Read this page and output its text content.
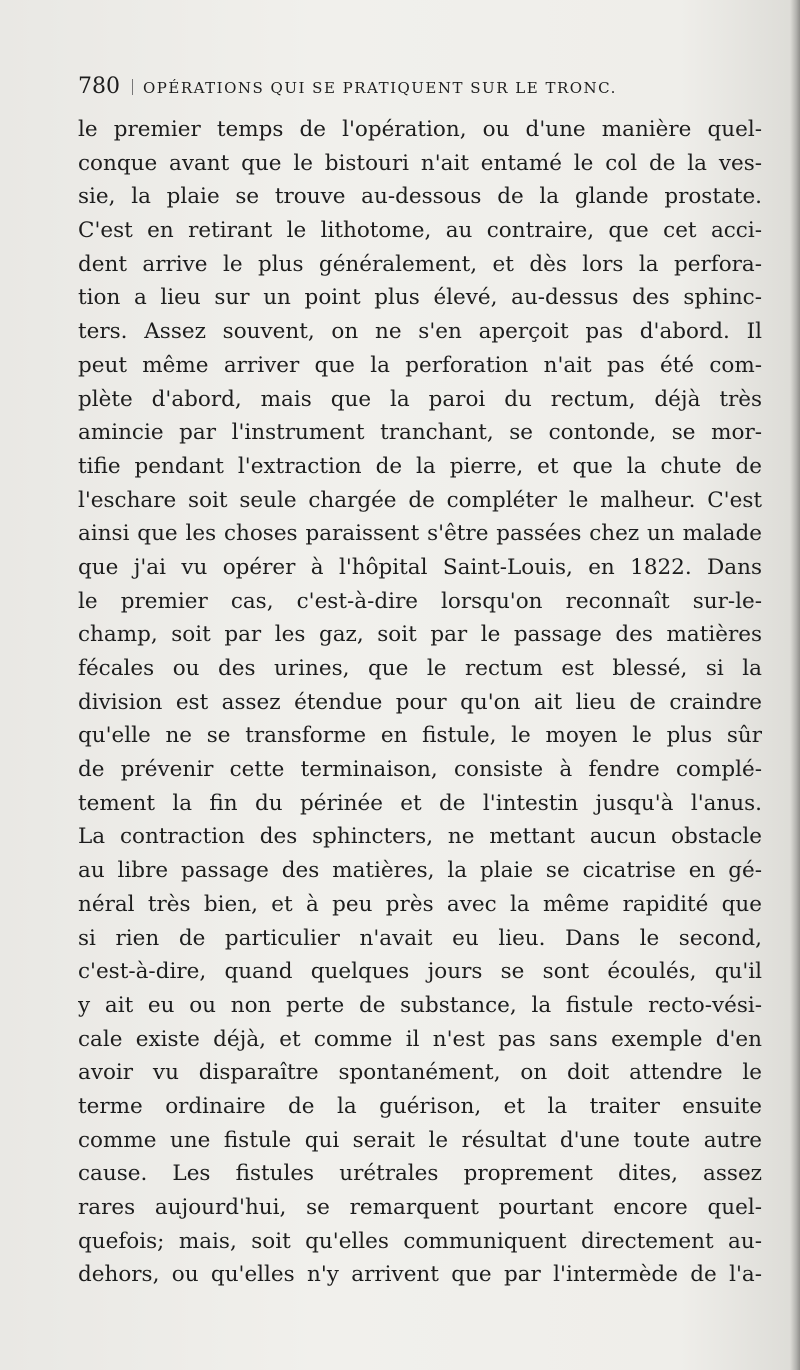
780 OPÉRATIONS QUI SE PRATIQUENT SUR LE TRONC.
le premier temps de l'opération, ou d'une manière quel-
conque avant que le bistouri n'ait entamé le col de la ves-
sie, la plaie se trouve au-dessous de la glande prostate.
C'est en retirant le lithotome, au contraire, que cet acci-
dent arrive le plus généralement, et dès lors la perfora-
tion a lieu sur un point plus élevé, au-dessus des sphinc-
ters. Assez souvent, on ne s'en aperçoit pas d'abord. Il
peut même arriver que la perforation n'ait pas été com-
plète d'abord, mais que la paroi du rectum, déjà très
amincie par l'instrument tranchant, se contonde, se mor-
tifie pendant l'extraction de la pierre, et que la chute de
l'eschare soit seule chargée de compléter le malheur. C'est
ainsi que les choses paraissent s'être passées chez un malade
que j'ai vu opérer à l'hôpital Saint-Louis, en 1822. Dans
le premier cas, c'est-à-dire lorsqu'on reconnaît sur-le-
champ, soit par les gaz, soit par le passage des matières
fécales ou des urines, que le rectum est blessé, si la
division est assez étendue pour qu'on ait lieu de craindre
qu'elle ne se transforme en fistule, le moyen le plus sûr
de prévenir cette terminaison, consiste à fendre complé-
tement la fin du périnée et de l'intestin jusqu'à l'anus.
La contraction des sphincters, ne mettant aucun obstacle
au libre passage des matières, la plaie se cicatrise en gé-
néral très bien, et à peu près avec la même rapidité que
si rien de particulier n'avait eu lieu. Dans le second,
c'est-à-dire, quand quelques jours se sont écoulés, qu'il
y ait eu ou non perte de substance, la fistule recto-vési-
cale existe déjà, et comme il n'est pas sans exemple d'en
avoir vu disparaître spontanément, on doit attendre le
terme ordinaire de la guérison, et la traiter ensuite
comme une fistule qui serait le résultat d'une toute autre
cause. Les fistules urétrales proprement dites, assez
rares aujourd'hui, se remarquent pourtant encore quel-
quefois; mais, soit qu'elles communiquent directement au-
dehors, ou qu'elles n'y arrivent que par l'intermède de l'a-
